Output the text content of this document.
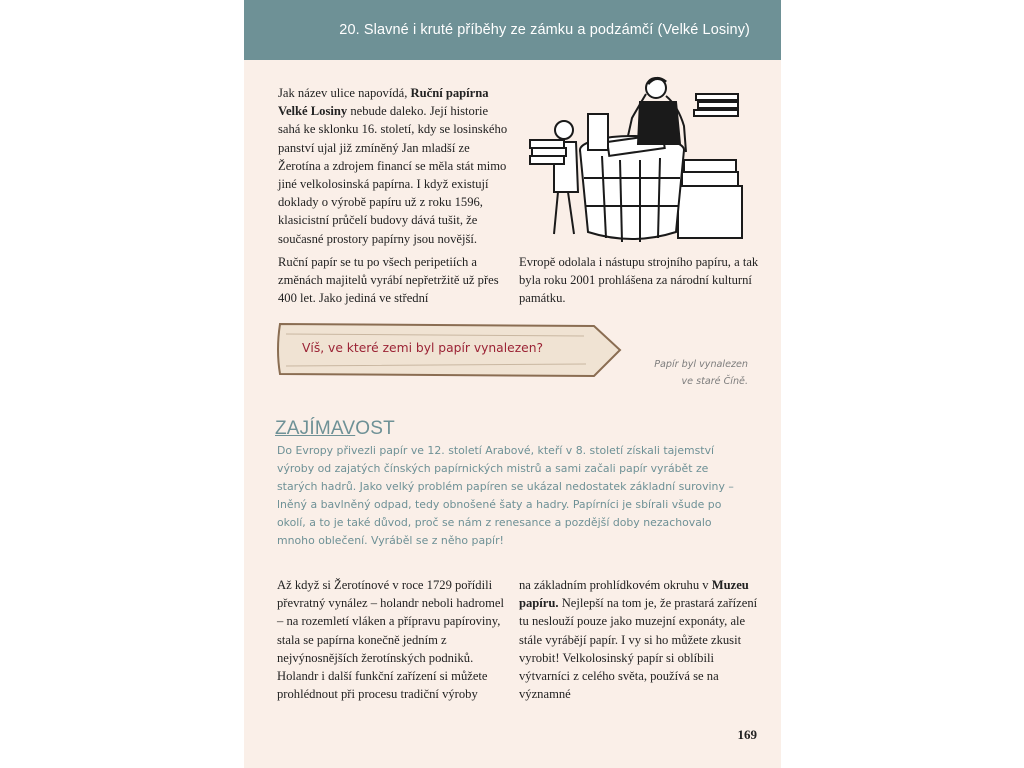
20. Slavné i kruté příběhy ze zámku a podzámčí (Velké Losiny)
Jak název ulice napovídá, Ruční papírna Velké Losiny nebude daleko. Její historie sahá ke sklonku 16. století, kdy se losinského panství ujal již zmíněný Jan mladší ze Žerotína a zdrojem financí se měla stát mimo jiné velkolosinská papírna. I když existují doklady o výrobě papíru už z roku 1596, klasicistní průčelí budovy dává tušit, že současné prostory papírny jsou novější.
Ruční papír se tu po všech peripetiích a změnách majitelů vyrábí nepřetržitě už přes 400 let. Jako jediná ve střední
Evropě odolala i nástupu strojního papíru, a tak byla roku 2001 prohlášena za národní kulturní památku.
Víš, ve které zemi byl papír vynalezen?
Papír byl vynalezen
ve staré Číně.
ZAJÍMAVOST
Do Evropy přivezli papír ve 12. století Arabové, kteří v 8. století získali tajemství výroby od zajatých čínských papírnických mistrů a sami začali papír vyrábět ze starých hadrů. Jako velký problém papíren se ukázal nedostatek základní suroviny – lněný a bavlněný odpad, tedy obnošené šaty a hadry. Papírníci je sbírali všude po okolí, a to je také důvod, proč se nám z renesance a pozdější doby nezachovalo mnoho oblečení. Vyráběl se z něho papír!
Až když si Žerotínové v roce 1729 pořídili převratný vynález – holandr neboli hadromel – na rozemletí vláken a přípravu papíroviny, stala se papírna konečně jedním z nejvýnosnějších žerotínských podniků. Holandr i další funkční zařízení si můžete prohlédnout při procesu tradiční výroby
na základním prohlídkovém okruhu v Muzeu papíru. Nejlepší na tom je, že prastará zařízení tu neslouží pouze jako muzejní exponáty, ale stále vyrábějí papír. I vy si ho můžete zkusit vyrobit! Velkolosinský papír si oblíbili výtvarníci z celého světa, používá se na významné
169
